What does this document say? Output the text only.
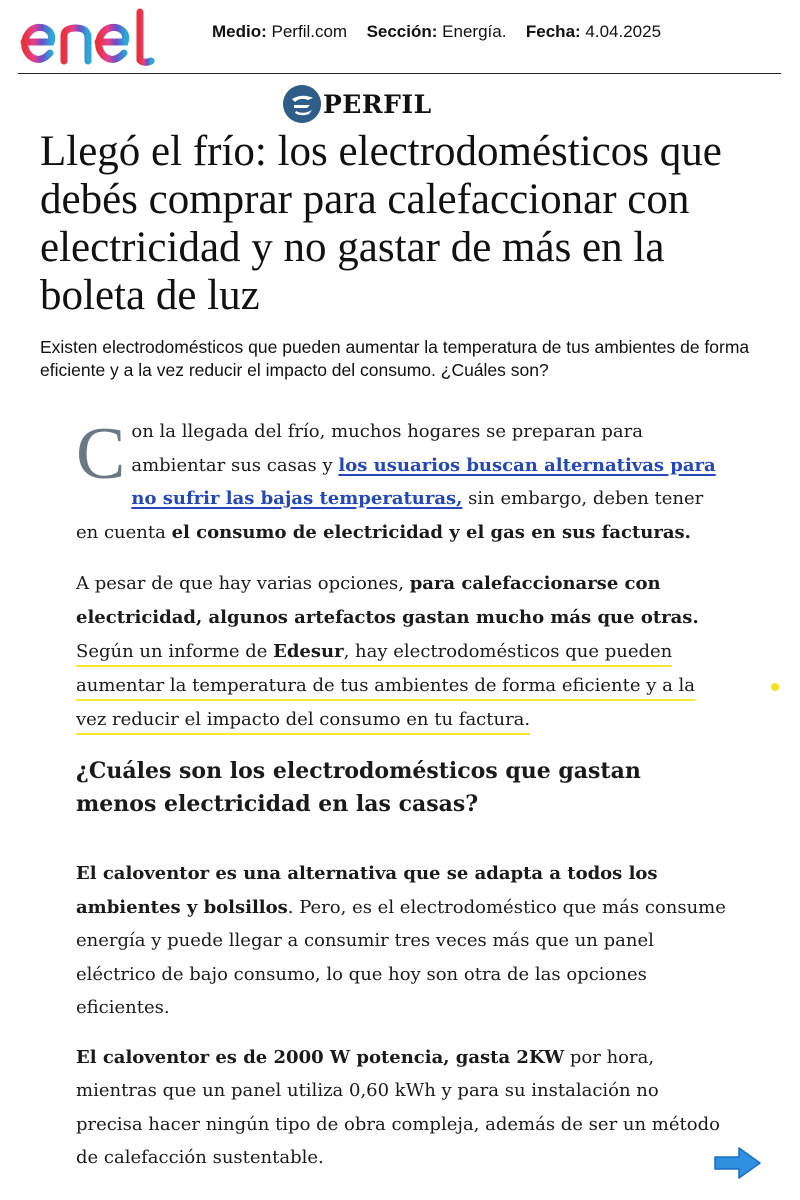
Medio: Perfil.com Sección: Energía. Fecha: 4.04.2025
PERFIL
Llegó el frío: los electrodomésticos que debés comprar para calefaccionar con electricidad y no gastar de más en la boleta de luz

Existen electrodomésticos que pueden aumentar la temperatura de tus ambientes de forma eficiente y a la vez reducir el impacto del consumo. ¿Cuáles son?

Con la llegada del frío, muchos hogares se preparan para ambientar sus casas y los usuarios buscan alternativas para no sufrir las bajas temperaturas, sin embargo, deben tener en cuenta el consumo de electricidad y el gas en sus facturas.

A pesar de que hay varias opciones, para calefaccionarse con electricidad, algunos artefactos gastan mucho más que otras. Según un informe de Edesur, hay electrodomésticos que pueden aumentar la temperatura de tus ambientes de forma eficiente y a la vez reducir el impacto del consumo en tu factura.

¿Cuáles son los electrodomésticos que gastan menos electricidad en las casas?

El caloventor es una alternativa que se adapta a todos los ambientes y bolsillos. Pero, es el electrodoméstico que más consume energía y puede llegar a consumir tres veces más que un panel eléctrico de bajo consumo, lo que hoy son otra de las opciones eficientes.

El caloventor es de 2000 W potencia, gasta 2KW por hora, mientras que un panel utiliza 0,60 kWh y para su instalación no precisa hacer ningún tipo de obra compleja, además de ser un método de calefacción sustentable.
